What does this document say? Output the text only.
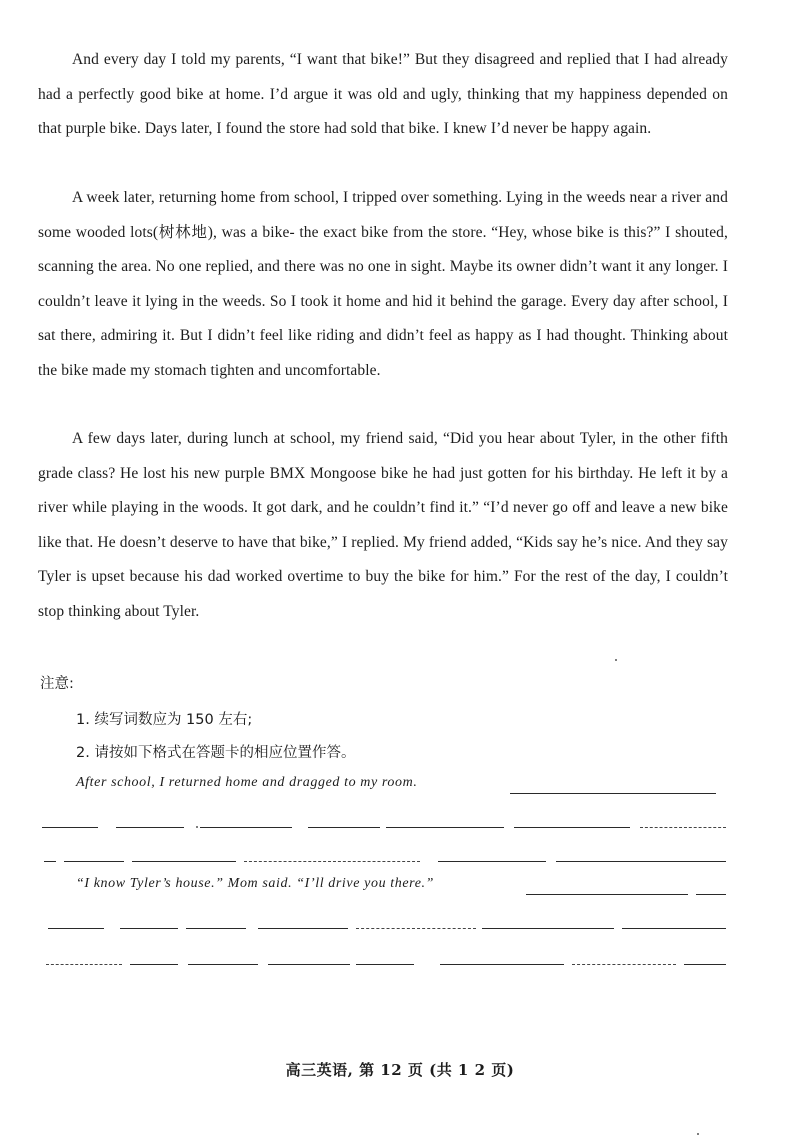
And every day I told my parents, “I want that bike!” But they disagreed and replied that I had already had a perfectly good bike at home. I’d argue it was old and ugly, thinking that my happiness depended on that purple bike. Days later, I found the store had sold that bike. I knew I’d never be happy again.

A week later, returning home from school, I tripped over something. Lying in the weeds near a river and some wooded lots(树林地), was a bike- the exact bike from the store. “Hey, whose bike is this?” I shouted, scanning the area. No one replied, and there was no one in sight. Maybe its owner didn’t want it any longer. I couldn’t leave it lying in the weeds. So I took it home and hid it behind the garage. Every day after school, I sat there, admiring it. But I didn’t feel like riding and didn’t feel as happy as I had thought. Thinking about the bike made my stomach tighten and uncomfortable.

A few days later, during lunch at school, my friend said, “Did you hear about Tyler, in the other fifth grade class? He lost his new purple BMX Mongoose bike he had just gotten for his birthday. He left it by a river while playing in the woods. It got dark, and he couldn’t find it.” “I’d never go off and leave a new bike like that. He doesn’t deserve to have that bike,” I replied. My friend added, “Kids say he’s nice. And they say Tyler is upset because his dad worked overtime to buy the bike for him.” For the rest of the day, I couldn’t stop thinking about Tyler.

注意:
1. 续写词数应为 150 左右;
2. 请按如下格式在答题卡的相应位置作答。
After school, I returned home and dragged to my room.
“I know Tyler’s house.” Mom said. “I’ll drive you there.”
高三英语, 第 12 页 (共 1 2 页)
